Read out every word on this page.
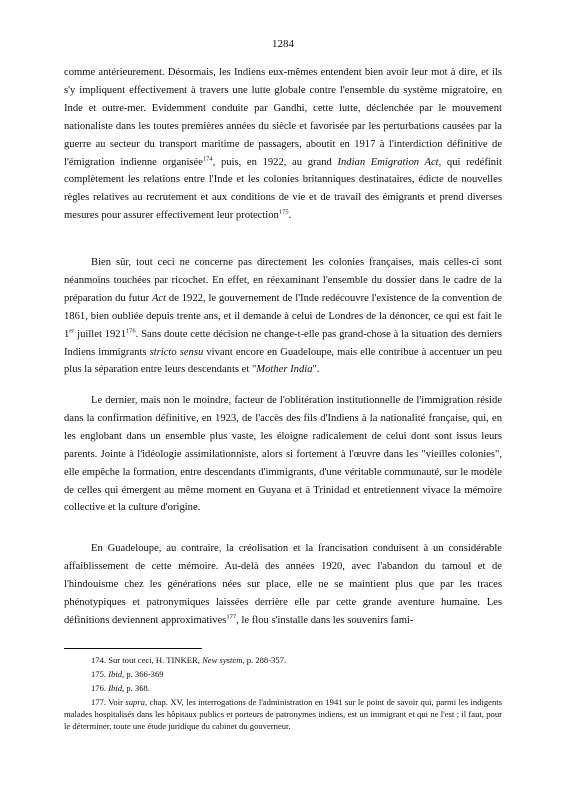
1284

comme antérieurement. Désormais, les Indiens eux-mêmes entendent bien avoir leur mot à dire, et ils s'y impliquent effectivement à travers une lutte globale contre l'ensemble du système migratoire, en Inde et outre-mer. Evidemment conduite par Gandhi, cette lutte, déclenchée par le mouvement nationaliste dans les toutes premières années du siècle et favorisée par les perturbations causées par la guerre au secteur du transport maritime de passagers, aboutit en 1917 à l'interdiction définitive de l'émigration indienne organisée$^{174}$, puis, en 1922, au grand Indian Emigration Act, qui redéfinit complètement les relations entre l'Inde et les colonies britanniques destinataires, édicte de nouvelles règles relatives au recrutement et aux conditions de vie et de travail des émigrants et prend diverses mesures pour assurer effectivement leur protection$^{175}$.

Bien sûr, tout ceci ne concerne pas directement les colonies françaises, mais celles-ci sont néanmoins touchées par ricochet. En effet, en réexaminant l'ensemble du dossier dans le cadre de la préparation du futur Act de 1922, le gouvernement de l'Inde redécouvre l'existence de la convention de 1861, bien oubliée depuis trente ans, et il demande à celui de Londres de la dénoncer, ce qui est fait le 1er juillet 1921$^{176}$. Sans doute cette décision ne change-t-elle pas grand-chose à la situation des derniers Indiens immigrants stricto sensu vivant encore en Guadeloupe, mais elle contribue à accentuer un peu plus la séparation entre leurs descendants et "Mother India".

Le dernier, mais non le moindre, facteur de l'oblitération institutionnelle de l'immigration réside dans la confirmation définitive, en 1923, de l'accès des fils d'Indiens à la nationalité française, qui, en les englobant dans un ensemble plus vaste, les éloigne radicalement de celui dont sont issus leurs parents. Jointe à l'idéologie assimilationniste, alors si fortement à l'œuvre dans les "vieilles colonies", elle empêche la formation, entre descendants d'immigrants, d'une véritable communauté, sur le modèle de celles qui émergent au même moment en Guyana et à Trinidad et entretiennent vivace la mémoire collective et la culture d'origine.

En Guadeloupe, au contraire, la créolisation et la francisation conduisent à un considérable affaiblissement de cette mémoire. Au-delà des années 1920, avec l'abandon du tamoul et de l'hindouisme chez les générations nées sur place, elle ne se maintient plus que par les traces phénotypiques et patronymiques laissées derrière elle par cette grande aventure humaine. Les définitions deviennent approximatives$^{177}$, le flou s'installe dans les souvenirs fami-

174. Sur tout ceci, H. TINKER, New system, p. 288-357.

175. Ibid, p. 366-369

176. Ibid, p. 368.

177. Voir supra, chap. XV, les interrogations de l'administration en 1941 sur le point de savoir qui, parmi les indigents malades hospitalisés dans les hôpitaux publics et porteurs de patronymes indiens, est un immigrant et qui ne l'est ; il faut, pour le déterminer, toute une étude juridique du cabinet du gouverneur.
